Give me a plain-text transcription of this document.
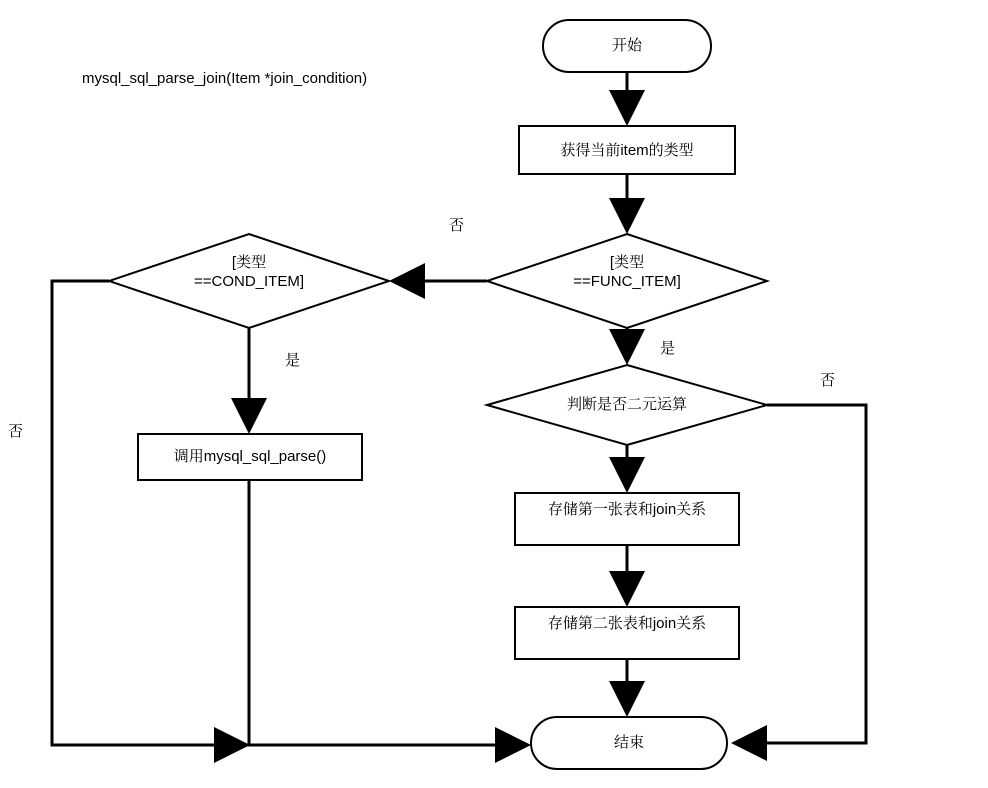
mysql_sql_parse_join(Item *join_condition)
开始
获得当前item的类型
[类型
==FUNC_ITEM]
[类型
==COND_ITEM]
调用mysql_sql_parse()
判断是否二元运算
存储第一张表和join关系
存储第二张表和join关系
结束
否
是
是
否
否
